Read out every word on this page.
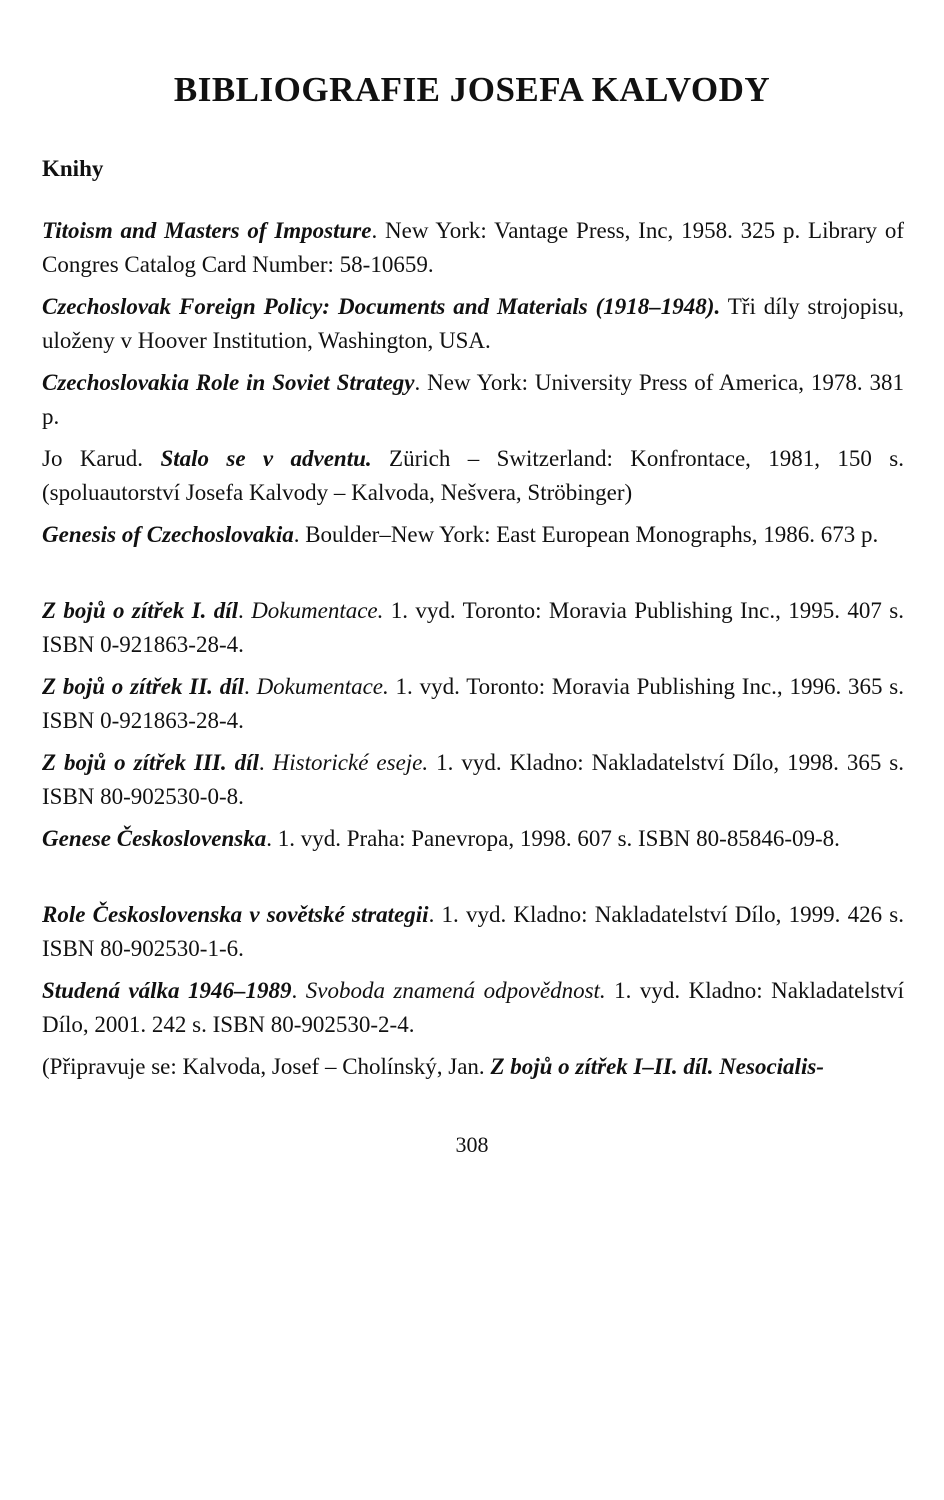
BIBLIOGRAFIE JOSEFA KALVODY
Knihy

Titoism and Masters of Imposture. New York: Vantage Press, Inc, 1958. 325 p. Library of Congres Catalog Card Number: 58-10659.

Czechoslovak Foreign Policy: Documents and Materials (1918–1948). Tři díly strojopisu, uloženy v Hoover Institution, Washington, USA.

Czechoslovakia Role in Soviet Strategy. New York: University Press of America, 1978. 381 p.

Jo Karud. Stalo se v adventu. Zürich – Switzerland: Konfrontace, 1981, 150 s. (spoluautorství Josefa Kalvody – Kalvoda, Nešvera, Ströbinger)

Genesis of Czechoslovakia. Boulder–New York: East European Monographs, 1986. 673 p.

Z bojů o zítřek I. díl. Dokumentace. 1. vyd. Toronto: Moravia Publishing Inc., 1995. 407 s. ISBN 0-921863-28-4.

Z bojů o zítřek II. díl. Dokumentace. 1. vyd. Toronto: Moravia Publishing Inc., 1996. 365 s. ISBN 0-921863-28-4.

Z bojů o zítřek III. díl. Historické eseje. 1. vyd. Kladno: Nakladatelství Dílo, 1998. 365 s. ISBN 80-902530-0-8.

Genese Československa. 1. vyd. Praha: Panevropa, 1998. 607 s. ISBN 80-85846-09-8.

Role Československa v sovětské strategii. 1. vyd. Kladno: Nakladatelství Dílo, 1999. 426 s. ISBN 80-902530-1-6.

Studená válka 1946–1989. Svoboda znamená odpovědnost. 1. vyd. Kladno: Nakladatelství Dílo, 2001. 242 s. ISBN 80-902530-2-4.

(Připravuje se: Kalvoda, Josef – Cholínský, Jan. Z bojů o zítřek I–II. díl. Nesocialis-

308
